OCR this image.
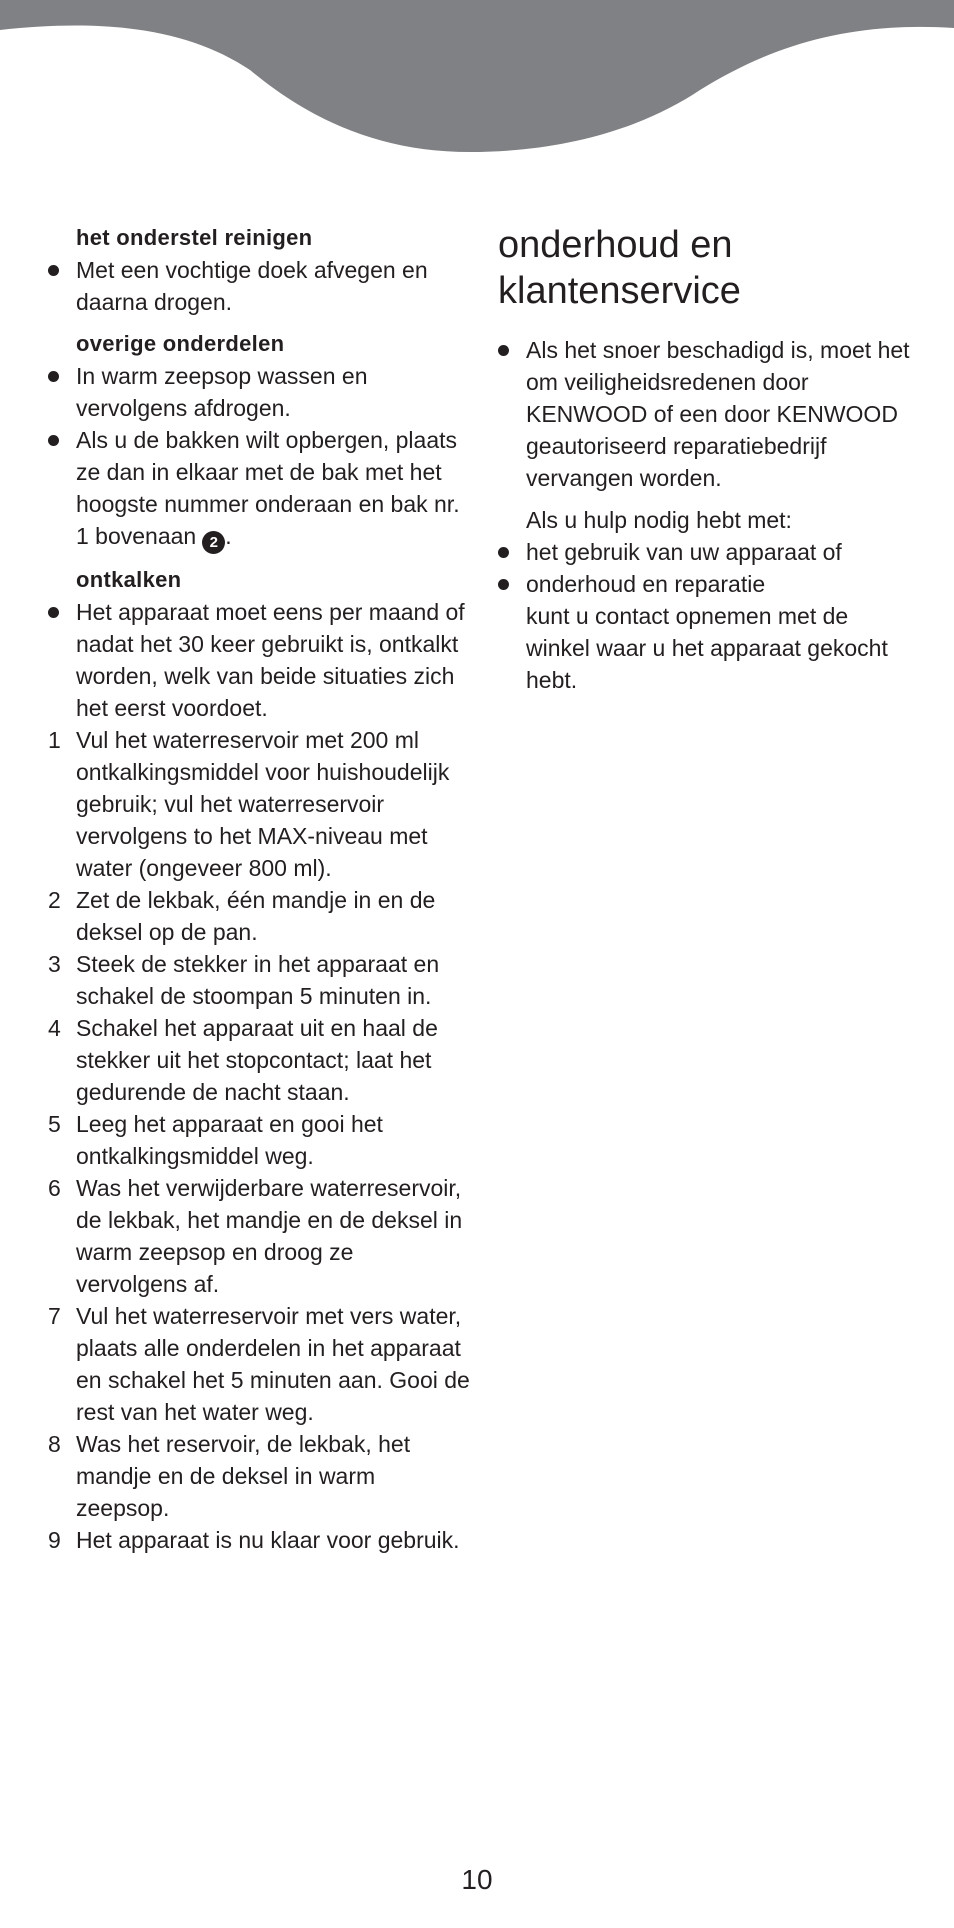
het onderstel reinigen
Met een vochtige doek afvegen en daarna drogen.
overige onderdelen
In warm zeepsop wassen en vervolgens afdrogen.
Als u de bakken wilt opbergen, plaats ze dan in elkaar met de bak met het hoogste nummer onderaan en bak nr. 1 bovenaan 2 .
ontkalken
Het apparaat moet eens per maand of nadat het 30 keer gebruikt is, ontkalkt worden, welk van beide situaties zich het eerst voordoet.
1 Vul het waterreservoir met 200 ml ontkalkingsmiddel voor huishoudelijk gebruik; vul het waterreservoir vervolgens to het MAX-niveau met water (ongeveer 800 ml).
2 Zet de lekbak, één mandje in en de deksel op de pan.
3 Steek de stekker in het apparaat en schakel de stoompan 5 minuten in.
4 Schakel het apparaat uit en haal de stekker uit het stopcontact; laat het gedurende de nacht staan.
5 Leeg het apparaat en gooi het ontkalkingsmiddel weg.
6 Was het verwijderbare waterreservoir, de lekbak, het mandje en de deksel in warm zeepsop en droog ze vervolgens af.
7 Vul het waterreservoir met vers water, plaats alle onderdelen in het apparaat en schakel het 5 minuten aan. Gooi de rest van het water weg.
8 Was het reservoir, de lekbak, het mandje en de deksel in warm zeepsop.
9 Het apparaat is nu klaar voor gebruik.
onderhoud en klantenservice
Als het snoer beschadigd is, moet het om veiligheidsredenen door KENWOOD of een door KENWOOD geautoriseerd reparatiebedrijf vervangen worden.
Als u hulp nodig hebt met:
het gebruik van uw apparaat of
onderhoud en reparatie
kunt u contact opnemen met de winkel waar u het apparaat gekocht hebt.
10
